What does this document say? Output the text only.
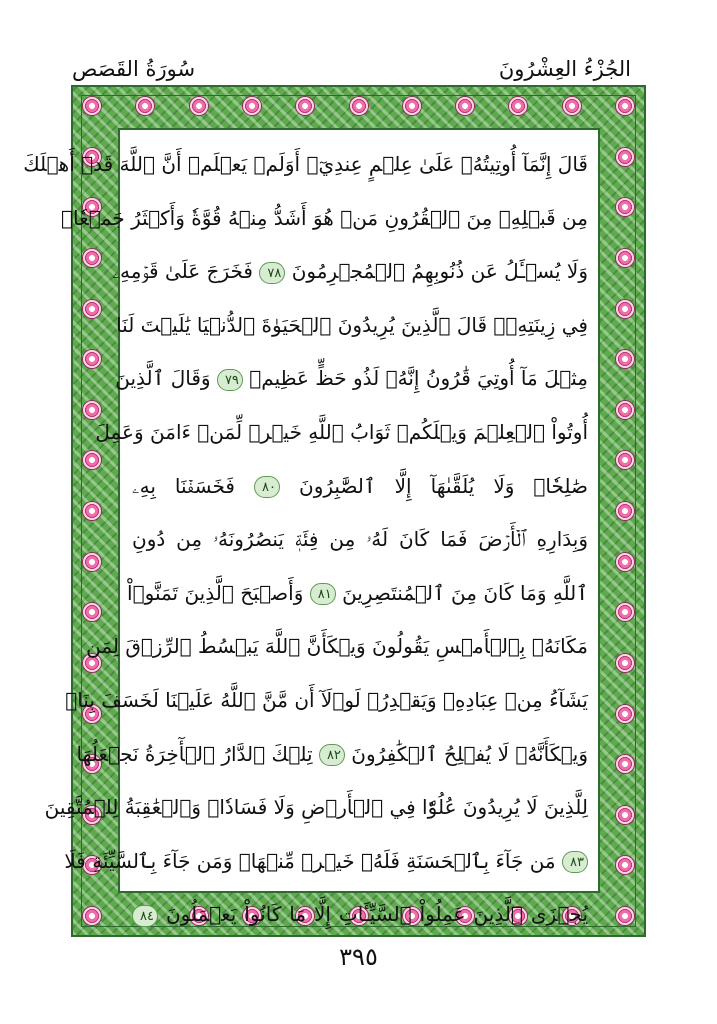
سُورَةُ القَصَص	الجُزْءُ العِشْرُونَ
قَالَ إِنَّمَآ أُوتِيتُهُۥ عَلَىٰ عِلۡمٍ عِندِيٓۚ أَوَلَمۡ يَعۡلَمۡ أَنَّ ٱللَّهَ قَدۡ أَهۡلَكَ
مِن قَبۡلِهِۦ مِنَ ٱلۡقُرُونِ مَنۡ هُوَ أَشَدُّ مِنۡهُ قُوَّةٗ وَأَكۡثَرُ جَمۡعٗاۚ
وَلَا يُسۡـَٔلُ عَن ذُنُوبِهِمُ ٱلۡمُجۡرِمُونَ ٧٨ فَخَرَجَ عَلَىٰ قَوۡمِهِۦ
فِي زِينَتِهِۦۖ قَالَ ٱلَّذِينَ يُرِيدُونَ ٱلۡحَيَوٰةَ ٱلدُّنۡيَا يَٰلَيۡتَ لَنَا
مِثۡلَ مَآ أُوتِيَ قَٰرُونُ إِنَّهُۥ لَذُو حَظٍّ عَظِيمٖ ٧٩ وَقَالَ ٱلَّذِينَ
أُوتُواْ ٱلۡعِلۡمَ وَيۡلَكُمۡ ثَوَابُ ٱللَّهِ خَيۡرٞ لِّمَنۡ ءَامَنَ وَعَمِلَ
صَٰلِحٗاۚ وَلَا يُلَقَّىٰهَآ إِلَّا ٱلصَّٰبِرُونَ ٨٠ فَخَسَفۡنَا بِهِۦ
وَبِدَارِهِ ٱلۡأَرۡضَ فَمَا كَانَ لَهُۥ مِن فِئَةٖ يَنصُرُونَهُۥ مِن دُونِ
ٱللَّهِ وَمَا كَانَ مِنَ ٱلۡمُنتَصِرِينَ ٨١ وَأَصۡبَحَ ٱلَّذِينَ تَمَنَّوۡاْ
مَكَانَهُۥ بِٱلۡأَمۡسِ يَقُولُونَ وَيۡكَأَنَّ ٱللَّهَ يَبۡسُطُ ٱلرِّزۡقَ لِمَن
يَشَآءُ مِنۡ عِبَادِهِۦ وَيَقۡدِرُۖ لَوۡلَآ أَن مَّنَّ ٱللَّهُ عَلَيۡنَا لَخَسَفَ بِنَاۖ
وَيۡكَأَنَّهُۥ لَا يُفۡلِحُ ٱلۡكَٰفِرُونَ ٨٢ تِلۡكَ ٱلدَّارُ ٱلۡأٓخِرَةُ نَجۡعَلُهَا
لِلَّذِينَ لَا يُرِيدُونَ عُلُوّٗا فِي ٱلۡأَرۡضِ وَلَا فَسَادٗاۚ وَٱلۡعَٰقِبَةُ لِلۡمُتَّقِينَ
٨٣ مَن جَآءَ بِٱلۡحَسَنَةِ فَلَهُۥ خَيۡرٞ مِّنۡهَاۖ وَمَن جَآءَ بِٱلسَّيِّئَةِ فَلَا
يُجۡزَى ٱلَّذِينَ عَمِلُواْ ٱلسَّيِّـَٔاتِ إِلَّا مَا كَانُواْ يَعۡمَلُونَ ٨٤
٣٩٥
